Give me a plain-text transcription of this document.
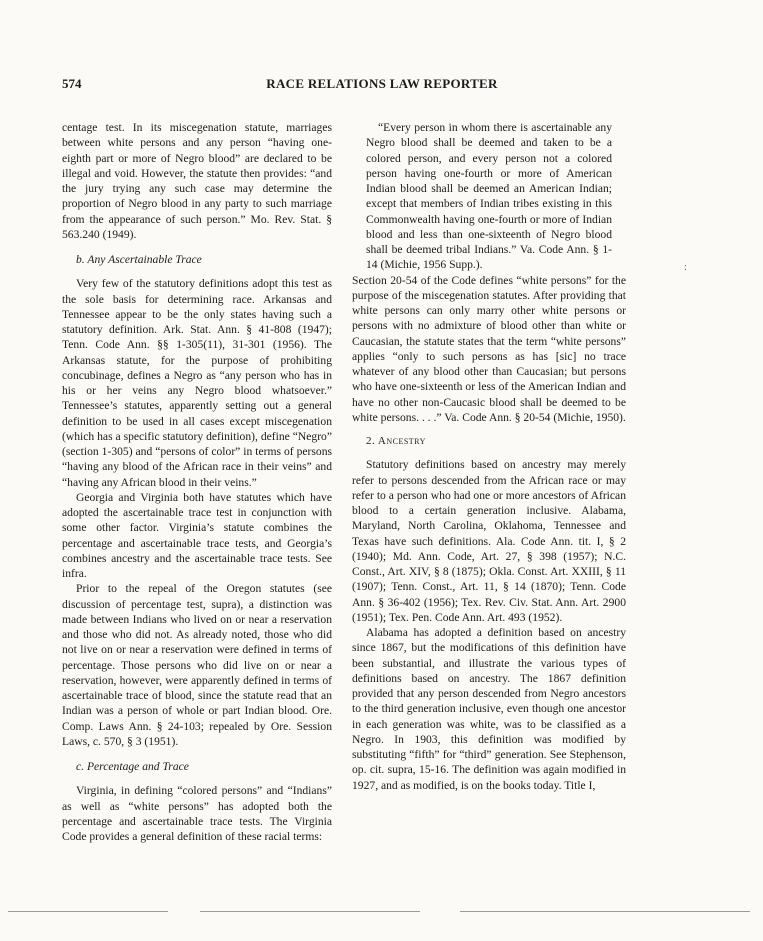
574	RACE RELATIONS LAW REPORTER

centage test. In its miscegenation statute, marriages between white persons and any person “having one-eighth part or more of Negro blood” are declared to be illegal and void. However, the statute then provides: “and the jury trying any such case may determine the proportion of Negro blood in any party to such marriage from the appearance of such person.” Mo. Rev. Stat. § 563.240 (1949).

b. Any Ascertainable Trace

Very few of the statutory definitions adopt this test as the sole basis for determining race. Arkansas and Tennessee appear to be the only states having such a statutory definition. Ark. Stat. Ann. § 41-808 (1947); Tenn. Code Ann. §§ 1-305(11), 31-301 (1956). The Arkansas statute, for the purpose of prohibiting concubinage, defines a Negro as “any person who has in his or her veins any Negro blood whatsoever.” Tennessee’s statutes, apparently setting out a general definition to be used in all cases except miscegenation (which has a specific statutory definition), define “Negro” (section 1-305) and “persons of color” in terms of persons “having any blood of the African race in their veins” and “having any African blood in their veins.”

Georgia and Virginia both have statutes which have adopted the ascertainable trace test in conjunction with some other factor. Virginia’s statute combines the percentage and ascertainable trace tests, and Georgia’s combines ancestry and the ascertainable trace tests. See infra.

Prior to the repeal of the Oregon statutes (see discussion of percentage test, supra), a distinction was made between Indians who lived on or near a reservation and those who did not. As already noted, those who did not live on or near a reservation were defined in terms of percentage. Those persons who did live on or near a reservation, however, were apparently defined in terms of ascertainable trace of blood, since the statute read that an Indian was a person of whole or part Indian blood. Ore. Comp. Laws Ann. § 24-103; repealed by Ore. Session Laws, c. 570, § 3 (1951).

c. Percentage and Trace

Virginia, in defining “colored persons” and “Indians” as well as “white persons” has adopted both the percentage and ascertainable trace tests. The Virginia Code provides a general definition of these racial terms:

“Every person in whom there is ascertainable any Negro blood shall be deemed and taken to be a colored person, and every person not a colored person having one-fourth or more of American Indian blood shall be deemed an American Indian; except that members of Indian tribes existing in this Commonwealth having one-fourth or more of Indian blood and less than one-sixteenth of Negro blood shall be deemed tribal Indians.” Va. Code Ann. § 1-14 (Michie, 1956 Supp.).

Section 20-54 of the Code defines “white persons” for the purpose of the miscegenation statutes. After providing that white persons can only marry other white persons or persons with no admixture of blood other than white or Caucasian, the statute states that the term “white persons” applies “only to such persons as has [sic] no trace whatever of any blood other than Caucasian; but persons who have one-sixteenth or less of the American Indian and have no other non-Caucasic blood shall be deemed to be white persons. . . .” Va. Code Ann. § 20-54 (Michie, 1950).

2. Ancestry

Statutory definitions based on ancestry may merely refer to persons descended from the African race or may refer to a person who had one or more ancestors of African blood to a certain generation inclusive. Alabama, Maryland, North Carolina, Oklahoma, Tennessee and Texas have such definitions. Ala. Code Ann. tit. I, § 2 (1940); Md. Ann. Code, Art. 27, § 398 (1957); N.C. Const., Art. XIV, § 8 (1875); Okla. Const. Art. XXIII, § 11 (1907); Tenn. Const., Art. 11, § 14 (1870); Tenn. Code Ann. § 36-402 (1956); Tex. Rev. Civ. Stat. Ann. Art. 2900 (1951); Tex. Pen. Code Ann. Art. 493 (1952).

Alabama has adopted a definition based on ancestry since 1867, but the modifications of this definition have been substantial, and illustrate the various types of definitions based on ancestry. The 1867 definition provided that any person descended from Negro ancestors to the third generation inclusive, even though one ancestor in each generation was white, was to be classified as a Negro. In 1903, this definition was modified by substituting “fifth” for “third” generation. See Stephenson, op. cit. supra, 15-16. The definition was again modified in 1927, and as modified, is on the books today. Title I,

:
